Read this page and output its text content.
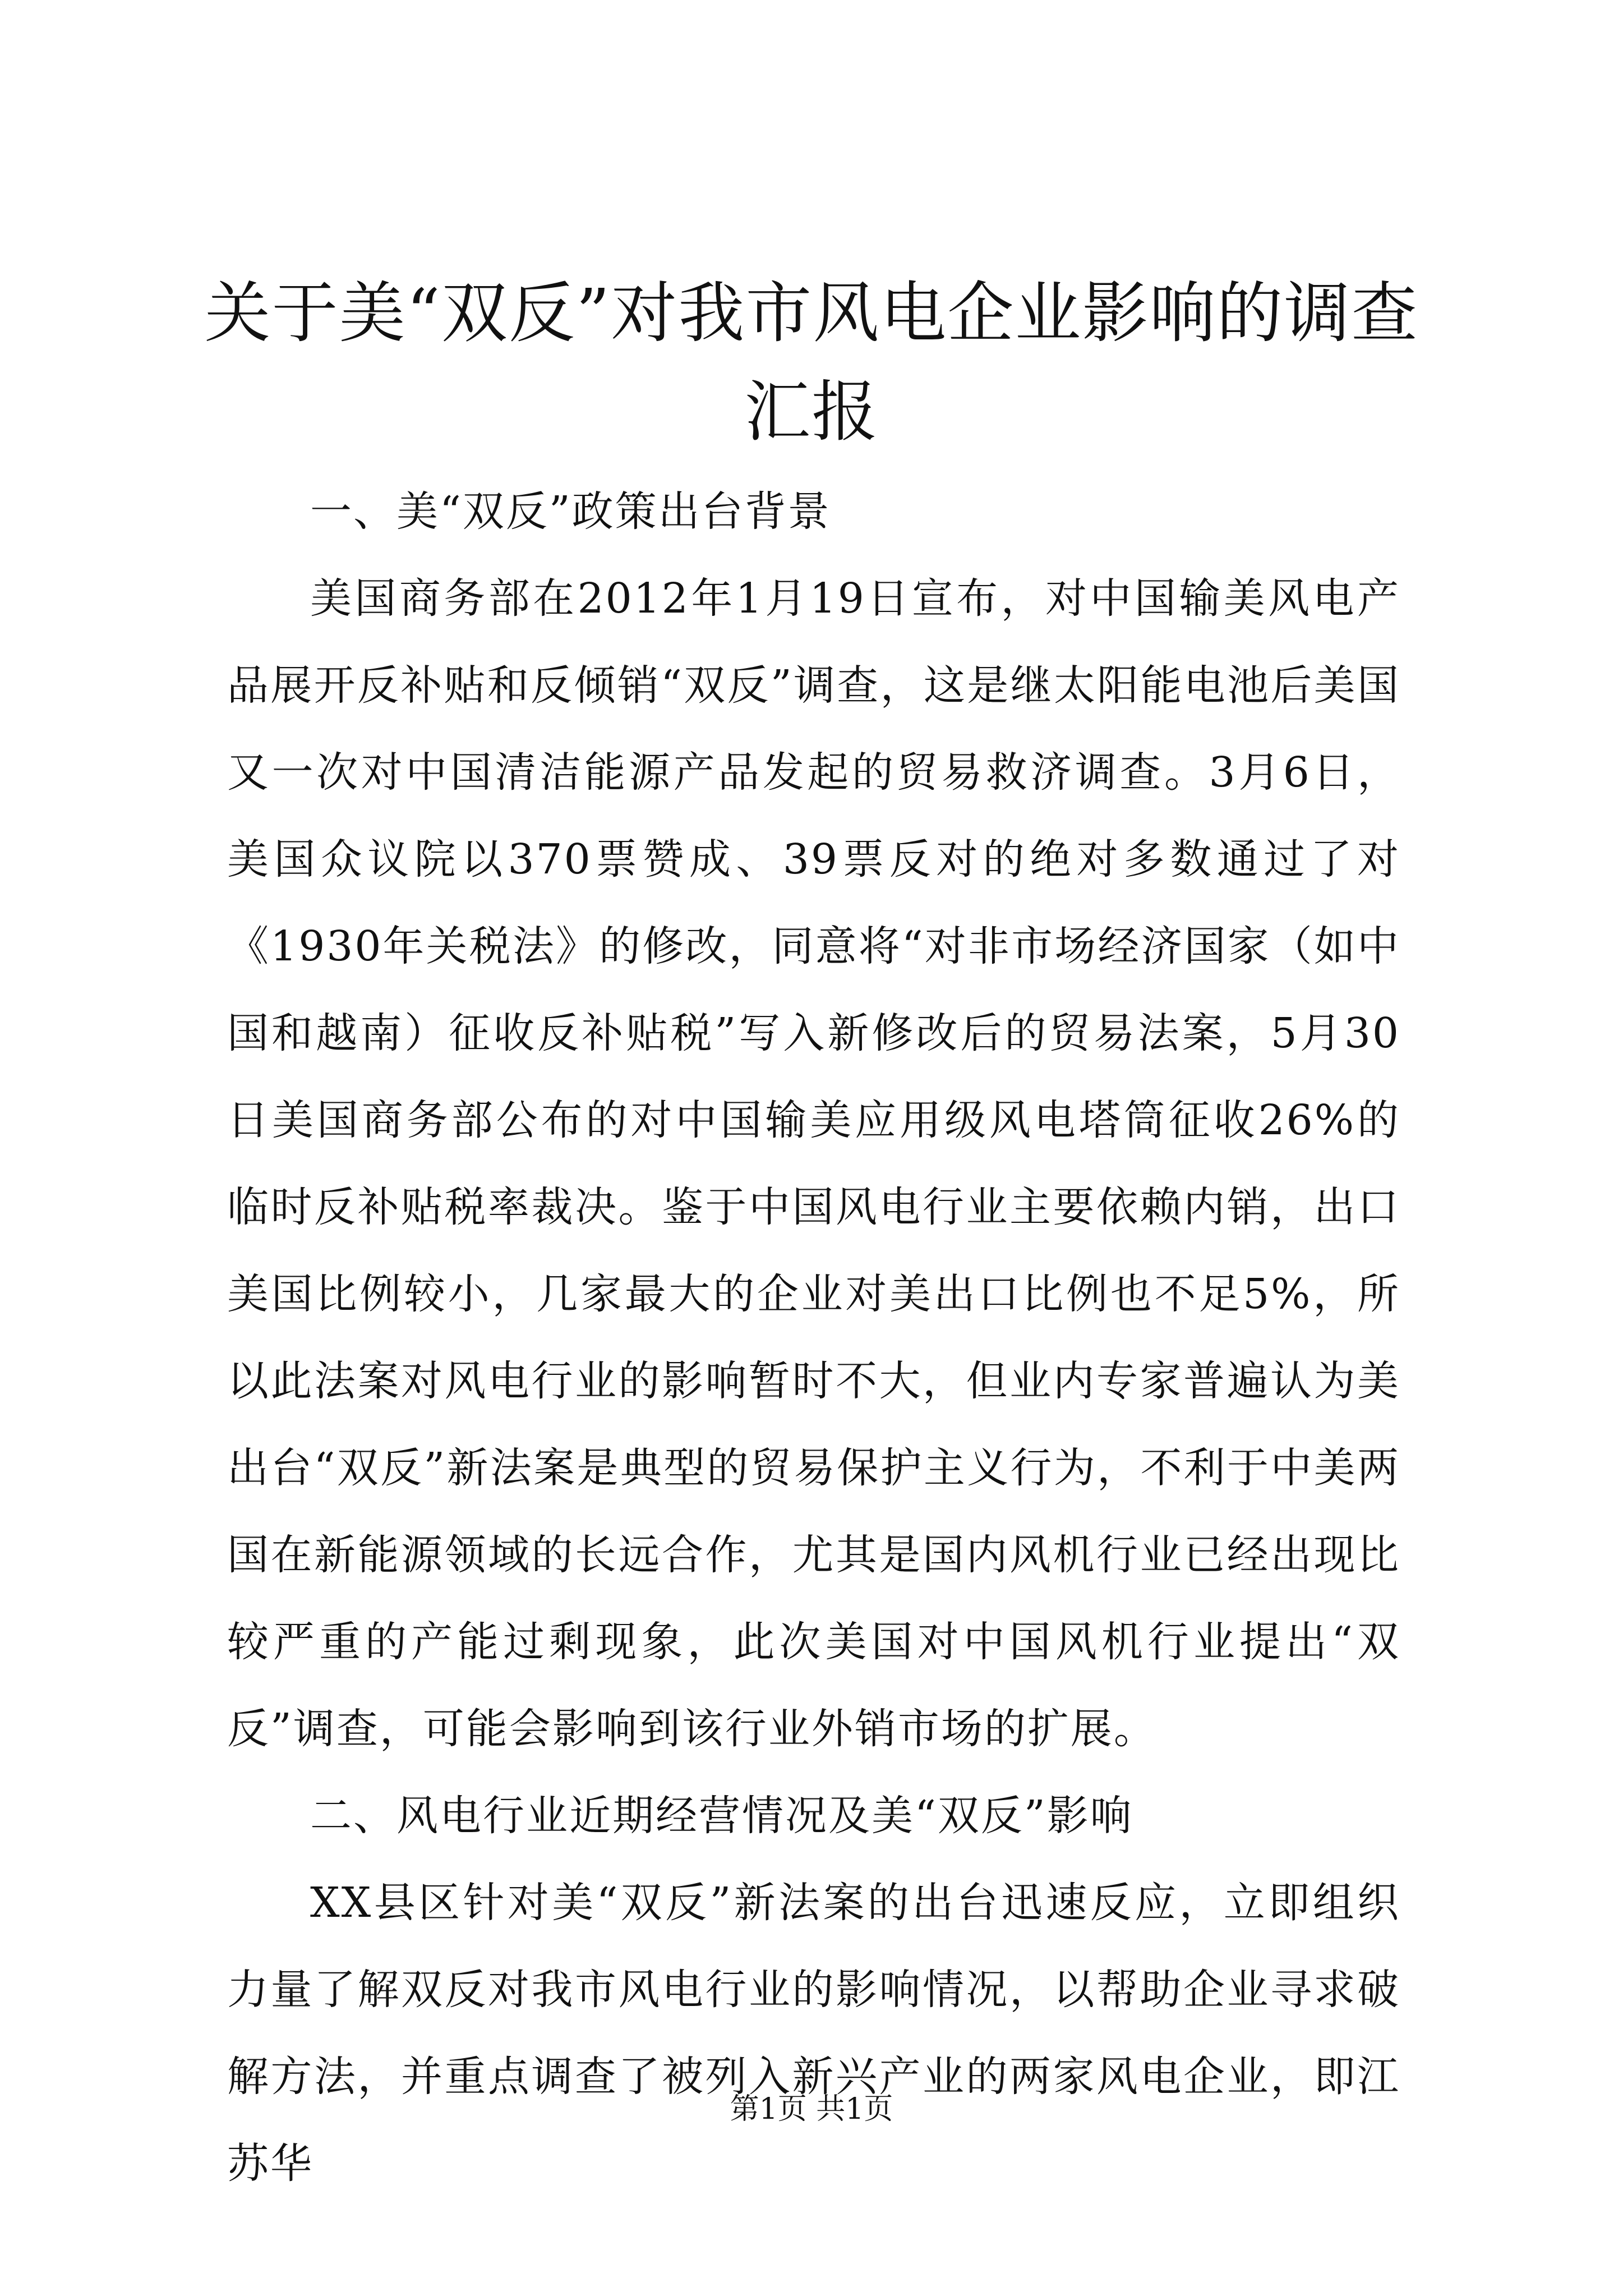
关于美“双反”对我市风电企业影响的调查汇报

一、美“双反”政策出台背景

美国商务部在2012年1月19日宣布，对中国输美风电产品展开反补贴和反倾销“双反”调查，这是继太阳能电池后美国又一次对中国清洁能源产品发起的贸易救济调查。3月6日，美国众议院以370票赞成、39票反对的绝对多数通过了对《1930年关税法》的修改，同意将“对非市场经济国家（如中国和越南）征收反补贴税”写入新修改后的贸易法案，5月30日美国商务部公布的对中国输美应用级风电塔筒征收26%的临时反补贴税率裁决。鉴于中国风电行业主要依赖内销，出口美国比例较小，几家最大的企业对美出口比例也不足5%，所以此法案对风电行业的影响暂时不大，但业内专家普遍认为美出台“双反”新法案是典型的贸易保护主义行为，不利于中美两国在新能源领域的长远合作，尤其是国内风机行业已经出现比较严重的产能过剩现象，此次美国对中国风机行业提出“双反”调查，可能会影响到该行业外销市场的扩展。

二、风电行业近期经营情况及美“双反”影响

XX县区针对美“双反”新法案的出台迅速反应，立即组织力量了解双反对我市风电行业的影响情况，以帮助企业寻求破解方法，并重点调查了被列入新兴产业的两家风电企业，即江苏华

第1页 共1页
